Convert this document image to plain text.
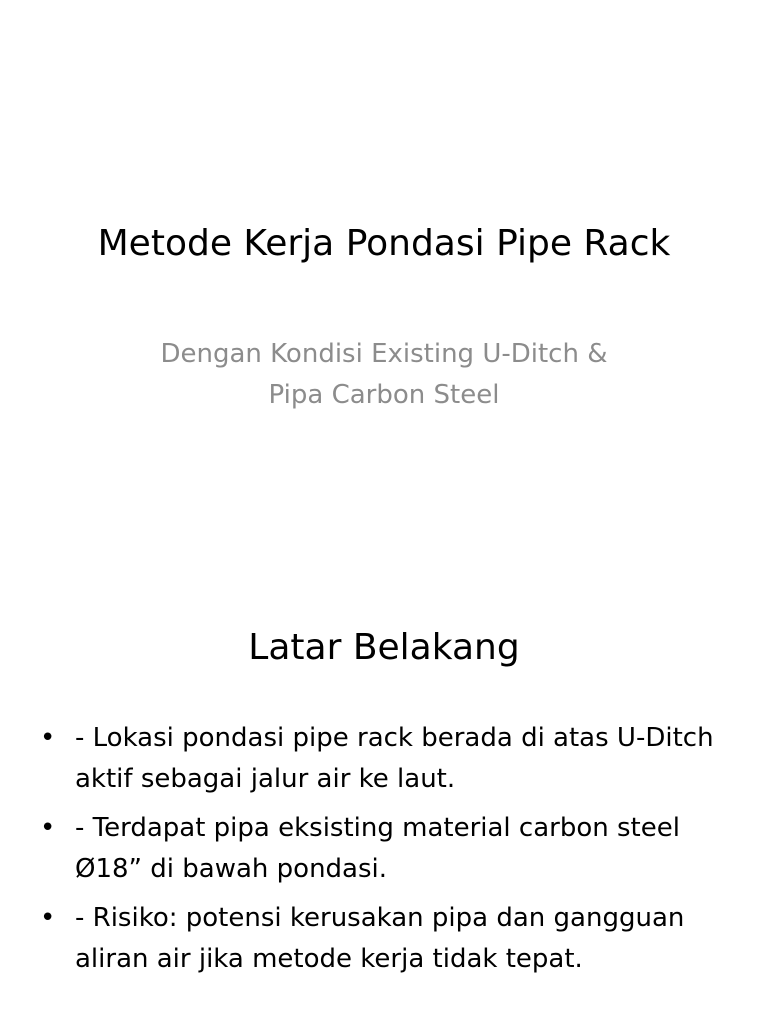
Metode Kerja Pondasi Pipe Rack
Dengan Kondisi Existing U-Ditch &
Pipa Carbon Steel
Latar Belakang
• - Lokasi pondasi pipe rack berada di atas U-Ditch aktif sebagai jalur air ke laut.
• - Terdapat pipa eksisting material carbon steel Ø18” di bawah pondasi.
• - Risiko: potensi kerusakan pipa dan gangguan aliran air jika metode kerja tidak tepat.
